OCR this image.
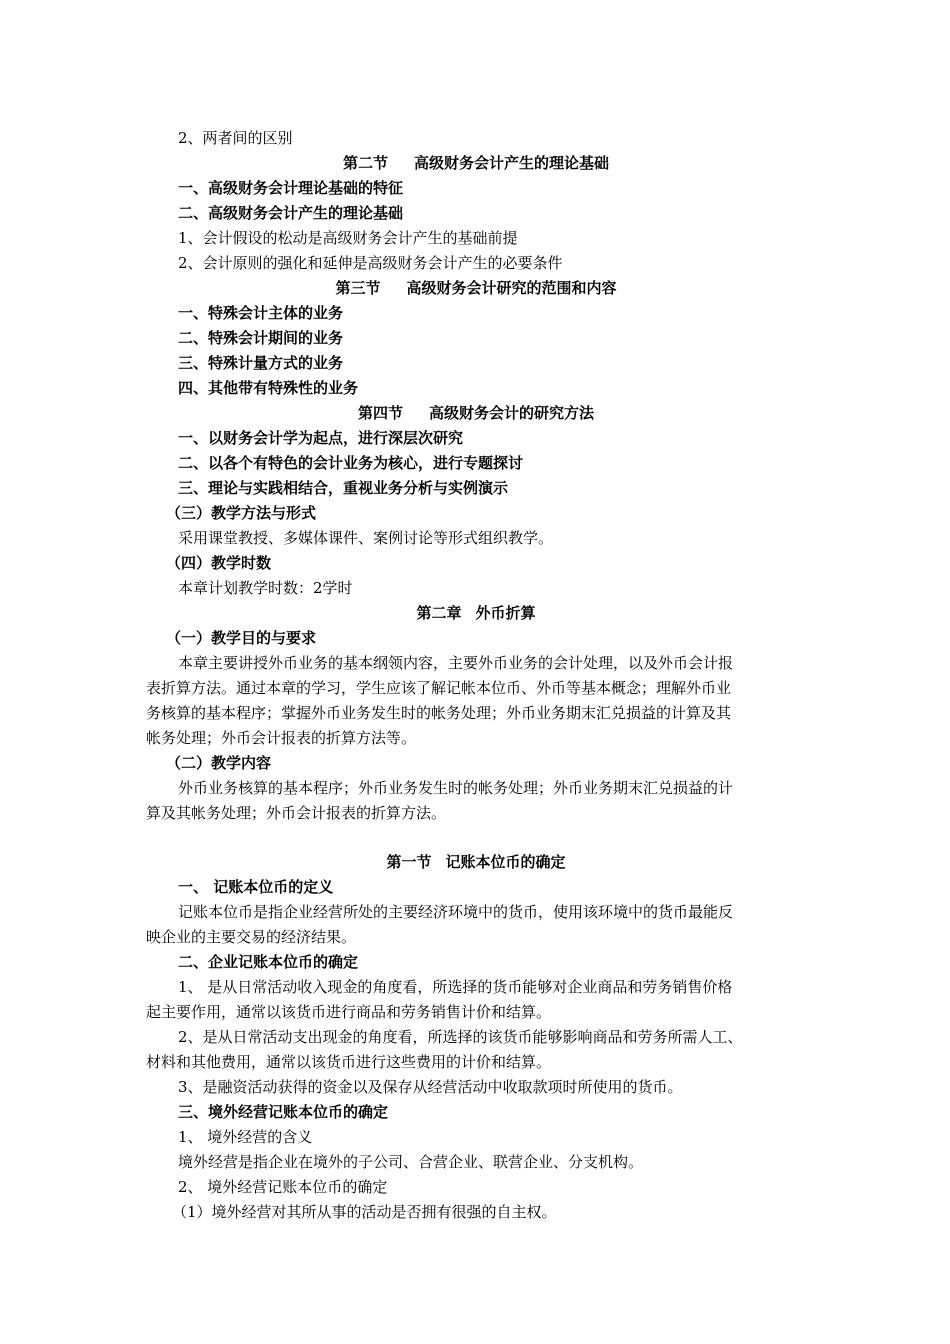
2、两者间的区别
第二节 高级财务会计产生的理论基础
一、高级财务会计理论基础的特征
二、高级财务会计产生的理论基础
1、会计假设的松动是高级财务会计产生的基础前提
2、会计原则的强化和延伸是高级财务会计产生的必要条件
第三节 高级财务会计研究的范围和内容
一、特殊会计主体的业务
二、特殊会计期间的业务
三、特殊计量方式的业务
四、其他带有特殊性的业务
第四节 高级财务会计的研究方法
一、以财务会计学为起点，进行深层次研究
二、以各个有特色的会计业务为核心，进行专题探讨
三、理论与实践相结合，重视业务分析与实例演示
（三）教学方法与形式
采用课堂教授、多媒体课件、案例讨论等形式组织教学。
（四）教学时数
本章计划教学时数：2学时
第二章 外币折算
（一）教学目的与要求
本章主要讲授外币业务的基本纲领内容，主要外币业务的会计处理，以及外币会计报
表折算方法。通过本章的学习，学生应该了解记帐本位币、外币等基本概念；理解外币业
务核算的基本程序；掌握外币业务发生时的帐务处理；外币业务期末汇兑损益的计算及其
帐务处理；外币会计报表的折算方法等。
（二）教学内容
外币业务核算的基本程序；外币业务发生时的帐务处理；外币业务期末汇兑损益的计
算及其帐务处理；外币会计报表的折算方法。
第一节 记账本位币的确定
一、 记账本位币的定义
记账本位币是指企业经营所处的主要经济环境中的货币，使用该环境中的货币最能反
映企业的主要交易的经济结果。
二、企业记账本位币的确定
1、 是从日常活动收入现金的角度看，所选择的货币能够对企业商品和劳务销售价格
起主要作用，通常以该货币进行商品和劳务销售计价和结算。
2、是从日常活动支出现金的角度看，所选择的该货币能够影响商品和劳务所需人工、
材料和其他费用，通常以该货币进行这些费用的计价和结算。
3、是融资活动获得的资金以及保存从经营活动中收取款项时所使用的货币。
三、境外经营记账本位币的确定
1、 境外经营的含义
境外经营是指企业在境外的子公司、合营企业、联营企业、分支机构。
2、 境外经营记账本位币的确定
（1）境外经营对其所从事的活动是否拥有很强的自主权。
